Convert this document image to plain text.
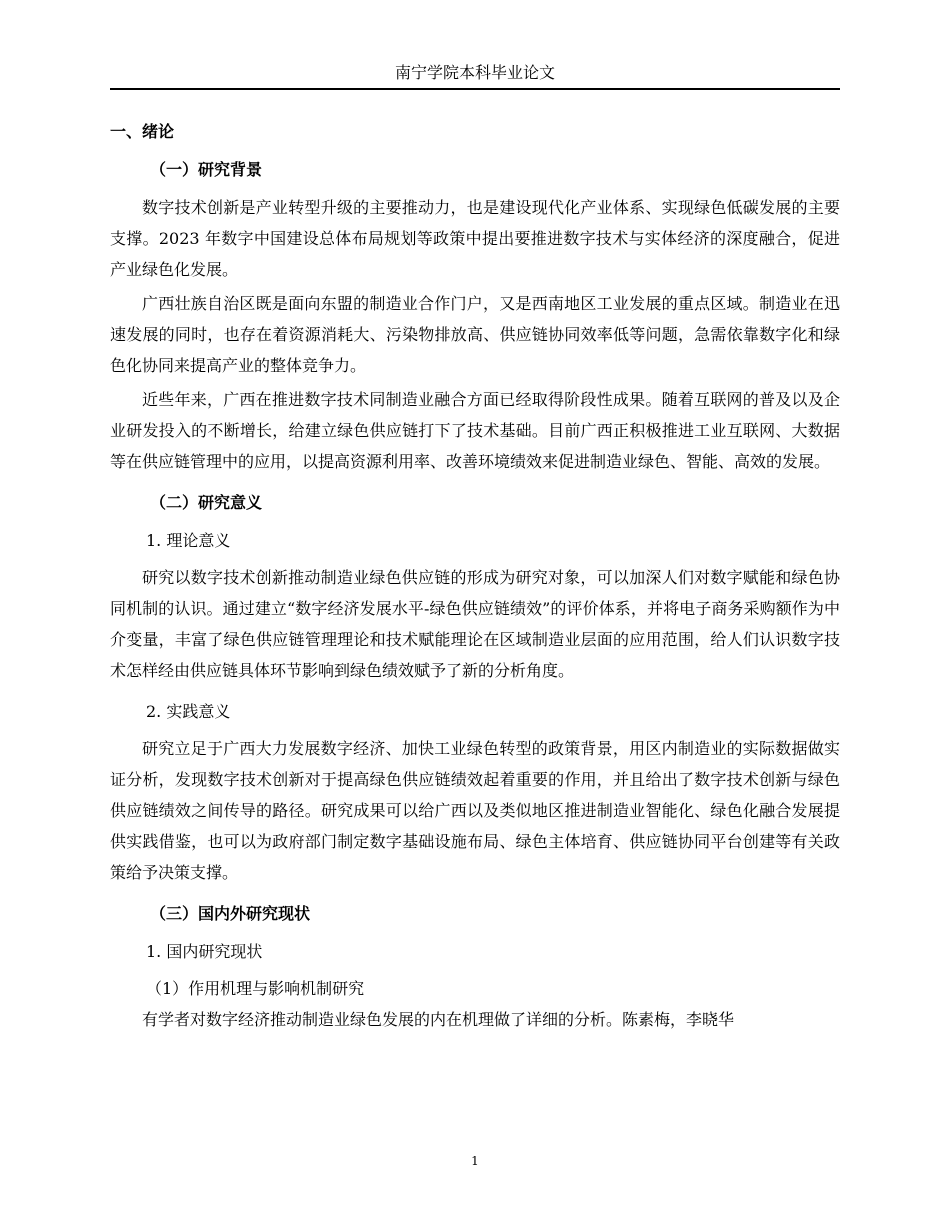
南宁学院本科毕业论文
一、绪论
（一）研究背景

数字技术创新是产业转型升级的主要推动力，也是建设现代化产业体系、实现绿色低碳发展的主要支撑。2023 年数字中国建设总体布局规划等政策中提出要推进数字技术与实体经济的深度融合，促进产业绿色化发展。

广西壮族自治区既是面向东盟的制造业合作门户，又是西南地区工业发展的重点区域。制造业在迅速发展的同时，也存在着资源消耗大、污染物排放高、供应链协同效率低等问题，急需依靠数字化和绿色化协同来提高产业的整体竞争力。

近些年来，广西在推进数字技术同制造业融合方面已经取得阶段性成果。随着互联网的普及以及企业研发投入的不断增长，给建立绿色供应链打下了技术基础。目前广西正积极推进工业互联网、大数据等在供应链管理中的应用，以提高资源利用率、改善环境绩效来促进制造业绿色、智能、高效的发展。

（二）研究意义
1. 理论意义

研究以数字技术创新推动制造业绿色供应链的形成为研究对象，可以加深人们对数字赋能和绿色协同机制的认识。通过建立“数字经济发展水平-绿色供应链绩效”的评价体系，并将电子商务采购额作为中介变量，丰富了绿色供应链管理理论和技术赋能理论在区域制造业层面的应用范围，给人们认识数字技术怎样经由供应链具体环节影响到绿色绩效赋予了新的分析角度。

2. 实践意义

研究立足于广西大力发展数字经济、加快工业绿色转型的政策背景，用区内制造业的实际数据做实证分析，发现数字技术创新对于提高绿色供应链绩效起着重要的作用，并且给出了数字技术创新与绿色供应链绩效之间传导的路径。研究成果可以给广西以及类似地区推进制造业智能化、绿色化融合发展提供实践借鉴，也可以为政府部门制定数字基础设施布局、绿色主体培育、供应链协同平台创建等有关政策给予决策支撑。

（三）国内外研究现状
1. 国内研究现状
（1）作用机理与影响机制研究

有学者对数字经济推动制造业绿色发展的内在机理做了详细的分析。陈素梅，李晓华

1
